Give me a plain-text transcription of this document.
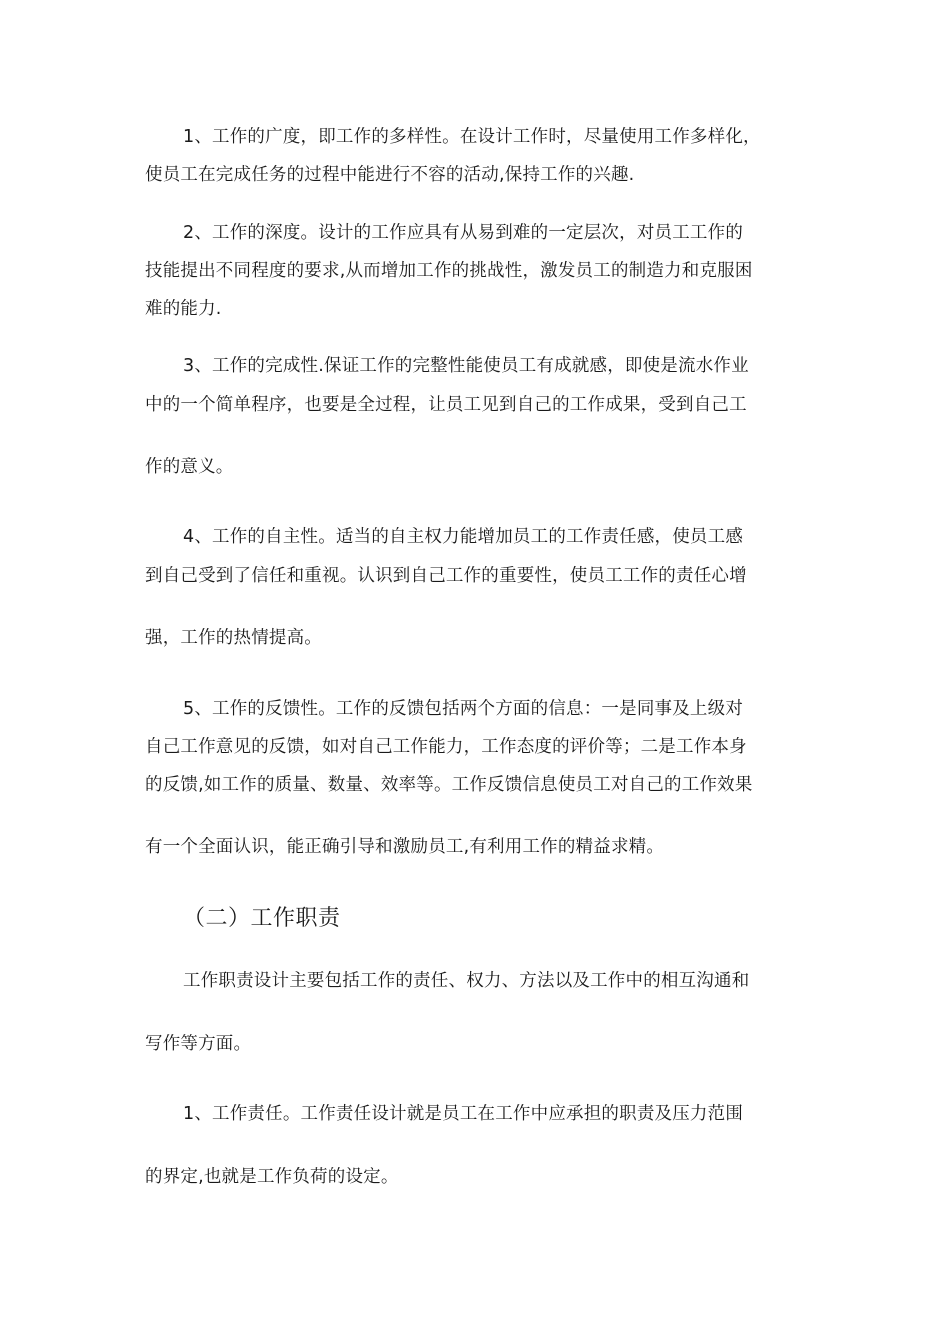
1、工作的广度，即工作的多样性。在设计工作时，尽量使用工作多样化，
使员工在完成任务的过程中能进行不容的活动,保持工作的兴趣.
2、工作的深度。设计的工作应具有从易到难的一定层次，对员工工作的
技能提出不同程度的要求,从而增加工作的挑战性，激发员工的制造力和克服困
难的能力.
3、工作的完成性.保证工作的完整性能使员工有成就感，即使是流水作业
中的一个简单程序，也要是全过程，让员工见到自己的工作成果，受到自己工
作的意义。
4、工作的自主性。适当的自主权力能增加员工的工作责任感，使员工感
到自己受到了信任和重视。认识到自己工作的重要性，使员工工作的责任心增
强，工作的热情提高。
5、工作的反馈性。工作的反馈包括两个方面的信息：一是同事及上级对
自己工作意见的反馈，如对自己工作能力，工作态度的评价等；二是工作本身
的反馈,如工作的质量、数量、效率等。工作反馈信息使员工对自己的工作效果
有一个全面认识，能正确引导和激励员工,有利用工作的精益求精。
（二）工作职责
工作职责设计主要包括工作的责任、权力、方法以及工作中的相互沟通和
写作等方面。
1、工作责任。工作责任设计就是员工在工作中应承担的职责及压力范围
的界定,也就是工作负荷的设定。
